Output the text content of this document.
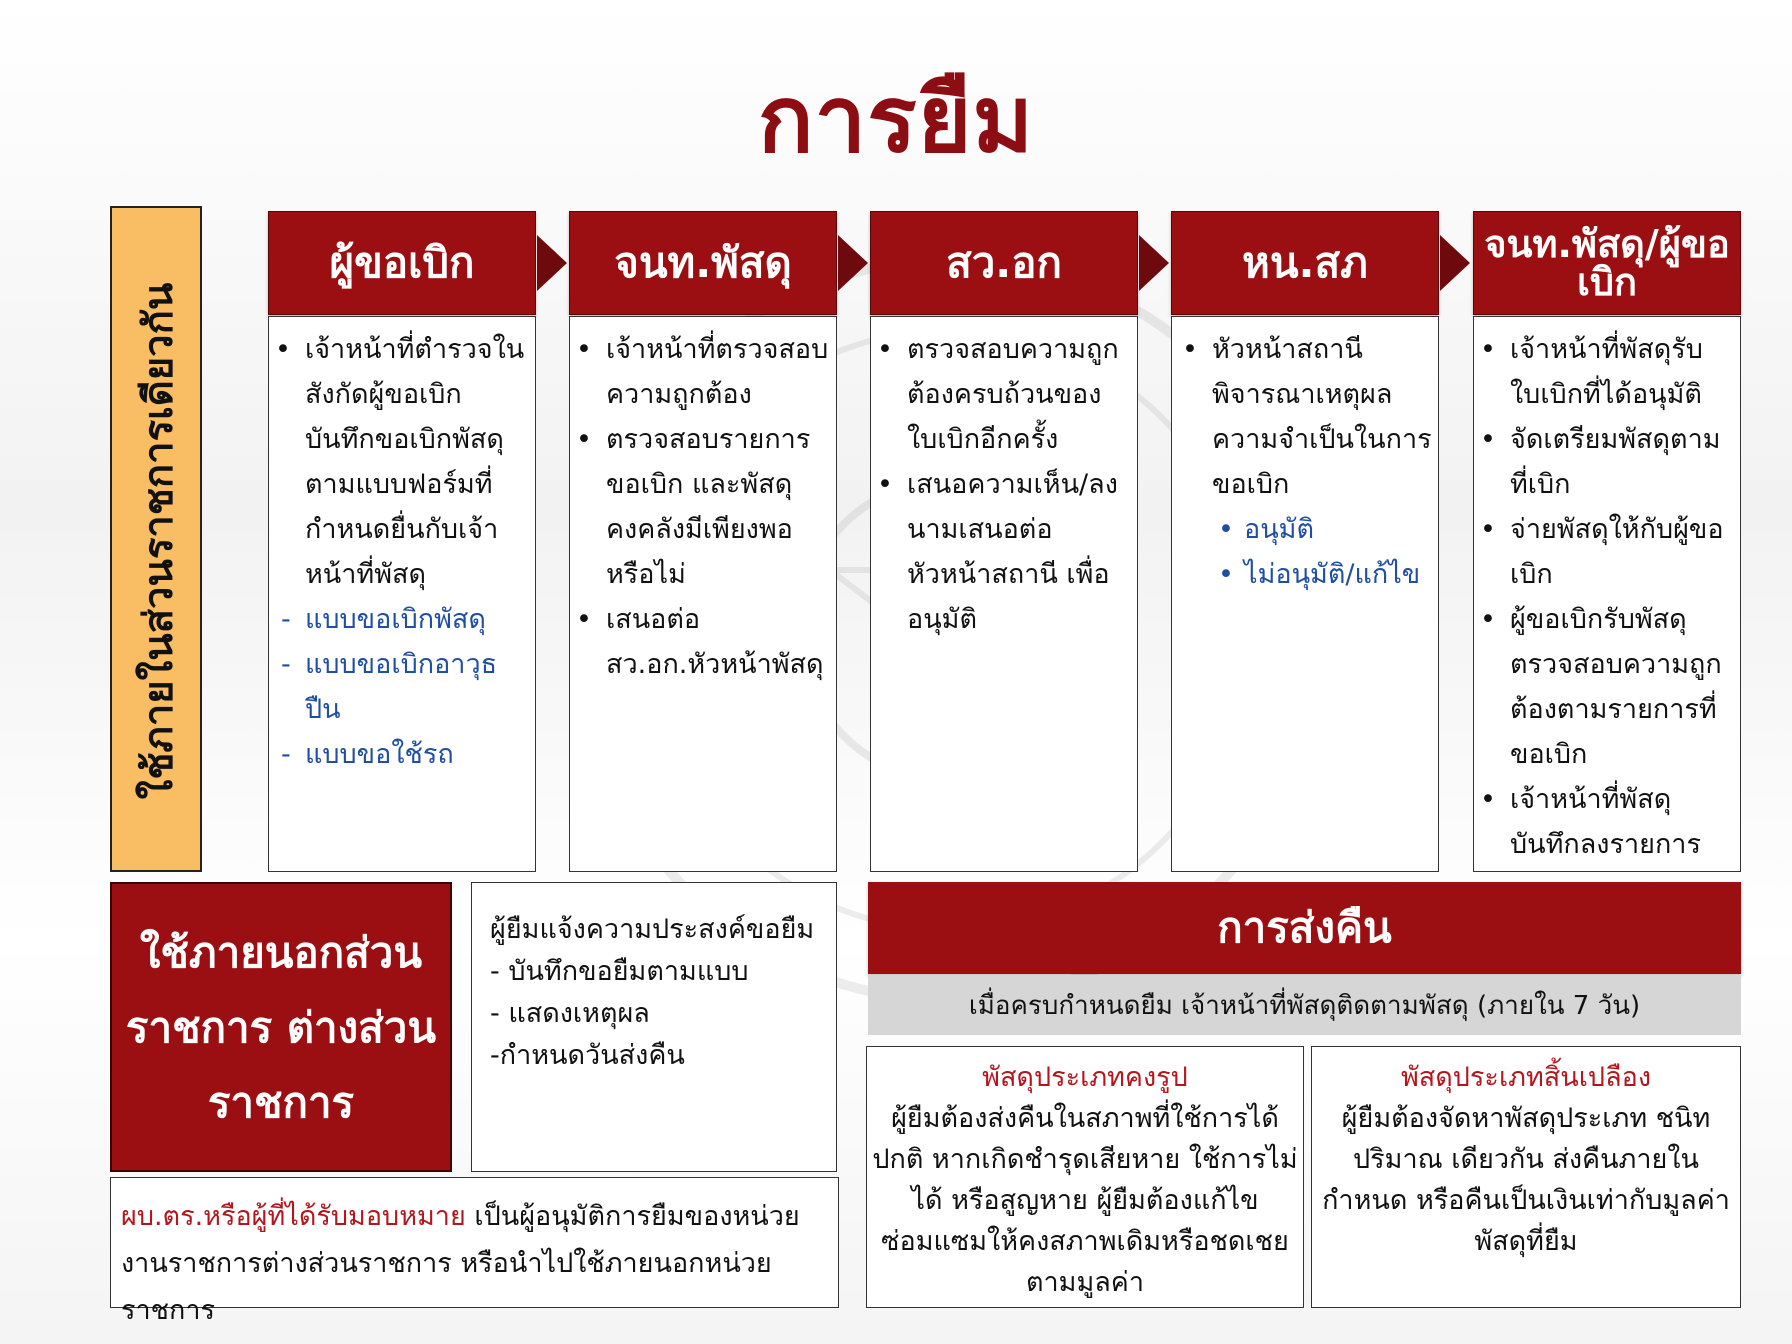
การยืม
ใช้ภายในส่วนราชการเดียวกัน
ผู้ขอเบิก
• เจ้าหน้าที่ตำรวจในสังกัดผู้ขอเบิกบันทึกขอเบิกพัสดุตามแบบฟอร์มที่กำหนดยื่นกับเจ้าหน้าที่พัสดุ
- แบบขอเบิกพัสดุ
- แบบขอเบิกอาวุธปืน
- แบบขอใช้รถ
จนท.พัสดุ
• เจ้าหน้าที่ตรวจสอบความถูกต้อง
• ตรวจสอบรายการขอเบิก และพัสดุคงคลังมีเพียงพอหรือไม่
• เสนอต่อ สว.อก.หัวหน้าพัสดุ
สว.อก
• ตรวจสอบความถูกต้องครบถ้วนของใบเบิกอีกครั้ง
• เสนอความเห็น/ลงนามเสนอต่อหัวหน้าสถานี เพื่ออนุมัติ
หน.สภ
• หัวหน้าสถานีพิจารณาเหตุผลความจำเป็นในการขอเบิก
• อนุมัติ
• ไม่อนุมัติ/แก้ไข
จนท.พัสดุ/ผู้ขอเบิก
• เจ้าหน้าที่พัสดุรับใบเบิกที่ได้อนุมัติ
• จัดเตรียมพัสดุตามที่เบิก
• จ่ายพัสดุให้กับผู้ขอเบิก
• ผู้ขอเบิกรับพัสดุตรวจสอบความถูกต้องตามรายการที่ขอเบิก
• เจ้าหน้าที่พัสดุบันทึกลงรายการ
ใช้ภายนอกส่วนราชการ ต่างส่วนราชการ
ผู้ยืมแจ้งความประสงค์ขอยืม
- บันทึกขอยืมตามแบบ
- แสดงเหตุผล
-กำหนดวันส่งคืน
ผบ.ตร.หรือผู้ที่ได้รับมอบหมาย เป็นผู้อนุมัติการยืมของหน่วยงานราชการต่างส่วนราชการ หรือนำไปใช้ภายนอกหน่วยราชการ
การส่งคืน
เมื่อครบกำหนดยืม เจ้าหน้าที่พัสดุติดตามพัสดุ (ภายใน 7 วัน)
พัสดุประเภทคงรูป
ผู้ยืมต้องส่งคืนในสภาพที่ใช้การได้ปกติ หากเกิดชำรุดเสียหาย ใช้การไม่ได้ หรือสูญหาย ผู้ยืมต้องแก้ไข ซ่อมแซมให้คงสภาพเดิมหรือชดเชยตามมูลค่า
พัสดุประเภทสิ้นเปลือง
ผู้ยืมต้องจัดหาพัสดุประเภท ชนิท ปริมาณ เดียวกัน ส่งคืนภายในกำหนด หรือคืนเป็นเงินเท่ากับมูลค่าพัสดุที่ยืม
